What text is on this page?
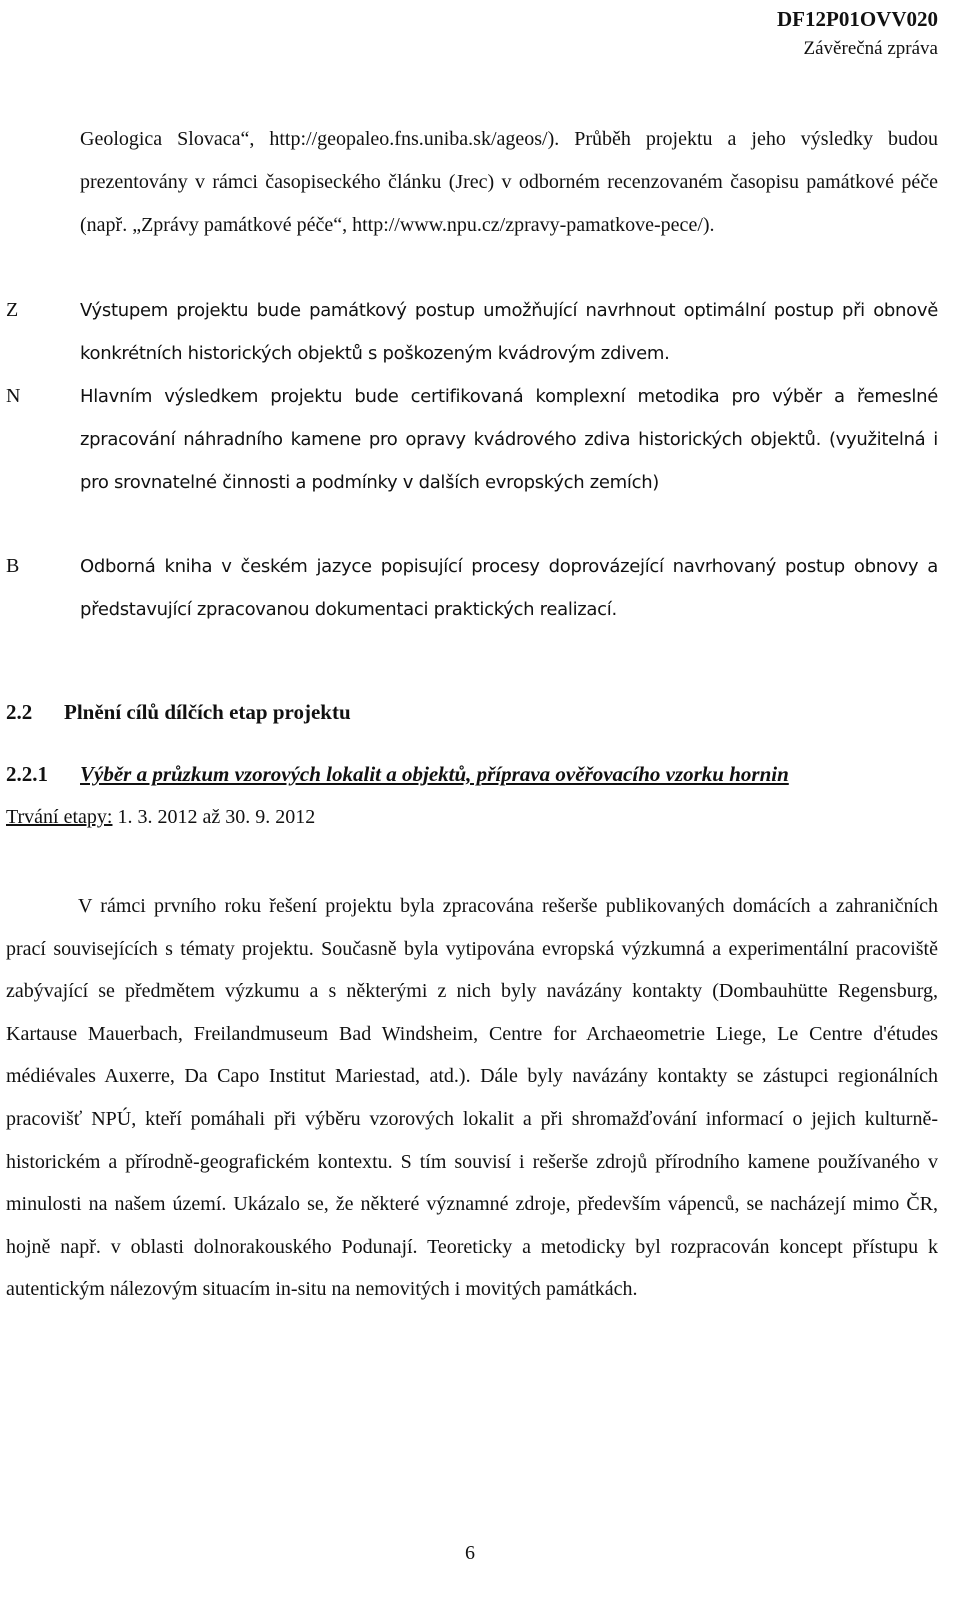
DF12P01OVV020
Závěrečná zpráva
Geologica Slovaca“, http://geopaleo.fns.uniba.sk/ageos/). Průběh projektu a jeho výsledky budou prezentovány v rámci časopiseckého článku (Jrec) v odborném recenzovaném časopisu památkové péče (např. „Zprávy památkové péče“, http://www.npu.cz/zpravy-pamatkove-pece/).
Z	Výstupem projektu bude památkový postup umožňující navrhnout optimální postup při obnově konkrétních historických objektů s poškozeným kvádrovým zdivem.
N	Hlavním výsledkem projektu bude certifikovaná komplexní metodika pro výběr a řemeslné zpracování náhradního kamene pro opravy kvádrového zdiva historických objektů. (využitelná i pro srovnatelné činnosti a podmínky v dalších evropských zemích)
B	Odborná kniha v českém jazyce popisující procesy doprovázející navrhovaný postup obnovy a představující zpracovanou dokumentaci praktických realizací.
2.2 Plnění cílů dílčích etap projektu
2.2.1 Výběr a průzkum vzorových lokalit a objektů, příprava ověřovacího vzorku hornin
Trvání etapy: 1. 3. 2012 až 30. 9. 2012
V rámci prvního roku řešení projektu byla zpracována rešerše publikovaných domácích a zahraničních prací souvisejících s tématy projektu. Současně byla vytipována evropská výzkumná a experimentální pracoviště zabývající se předmětem výzkumu a s některými z nich byly navázány kontakty (Dombauhütte Regensburg, Kartause Mauerbach, Freilandmuseum Bad Windsheim, Centre for Archaeometrie Liege, Le Centre d'études médiévales Auxerre, Da Capo Institut Mariestad, atd.). Dále byly navázány kontakty se zástupci regionálních pracovišť NPÚ, kteří pomáhali při výběru vzorových lokalit a při shromažďování informací o jejich kulturně-historickém a přírodně-geografickém kontextu. S tím souvisí i rešerše zdrojů přírodního kamene používaného v minulosti na našem území. Ukázalo se, že některé významné zdroje, především vápenců, se nacházejí mimo ČR, hojně např. v oblasti dolnorakouského Podunají. Teoreticky a metodicky byl rozpracován koncept přístupu k autentickým nálezovým situacím in-situ na nemovitých i movitých památkách.
6
